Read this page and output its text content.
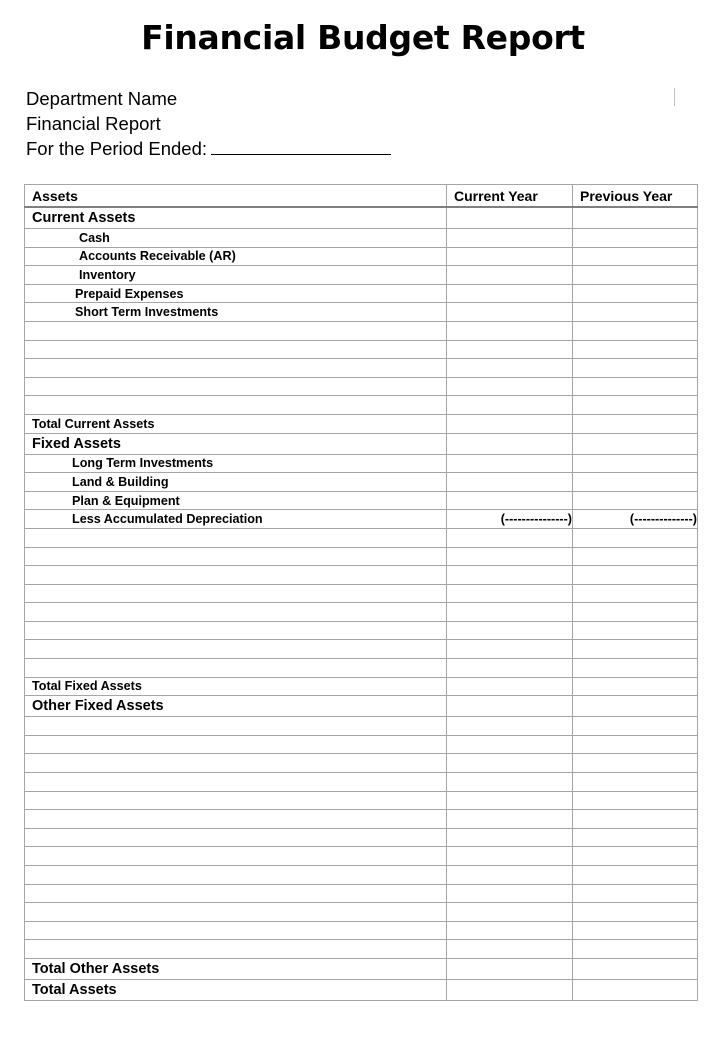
Financial Budget Report
Department Name
Financial Report
For the Period Ended:
Assets	Current Year	Previous Year
Current Assets		
Cash		
Accounts Receivable (AR)		
Inventory		
Prepaid Expenses		
Short Term Investments		

Total Current Assets		
Fixed Assets		
Long Term Investments		
Land & Building		
Plan & Equipment		
Less Accumulated Depreciation	(---------------)	(--------------)

Total Fixed Assets		
Other Fixed Assets		

Total Other Assets		
Total Assets		
